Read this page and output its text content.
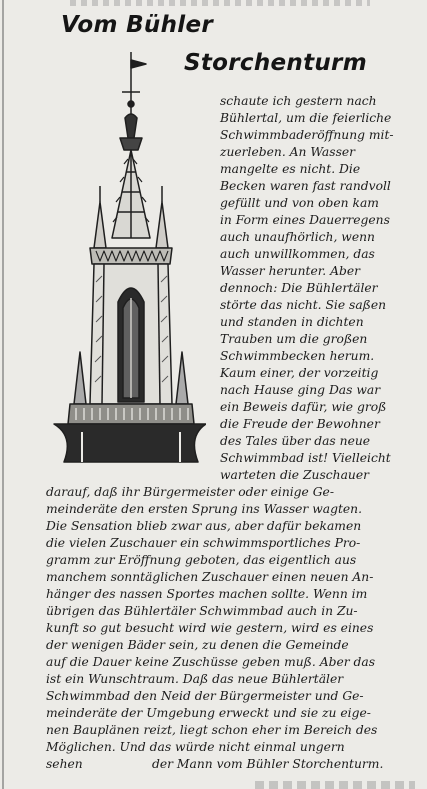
Vom Bühler
Storchenturm
schaute ich gestern nach
Bühlertal, um die feierliche
Schwimmbaderöffnung mit-
zuerleben. An Wasser
mangelte es nicht. Die
Becken waren fast randvoll
gefüllt und von oben kam
in Form eines Dauerregens
auch unaufhörlich, wenn
auch unwillkommen, das
Wasser herunter. Aber
dennoch: Die Bühlertäler
störte das nicht. Sie saßen
und standen in dichten
Trauben um die großen
Schwimmbecken herum.
Kaum einer, der vorzeitig
nach Hause ging Das war
ein Beweis dafür, wie groß
die Freude der Bewohner
des Tales über das neue
Schwimmbad ist! Vielleicht
warteten die Zuschauer
darauf, daß ihr Bürgermeister oder einige Ge-
meinderäte den ersten Sprung ins Wasser wagten.
Die Sensation blieb zwar aus, aber dafür bekamen
die vielen Zuschauer ein schwimmsportliches Pro-
gramm zur Eröffnung geboten, das eigentlich aus
manchem sonntäglichen Zuschauer einen neuen An-
hänger des nassen Sportes machen sollte. Wenn im
übrigen das Bühlertäler Schwimmbad auch in Zu-
kunft so gut besucht wird wie gestern, wird es eines
der wenigen Bäder sein, zu denen die Gemeinde
auf die Dauer keine Zuschüsse geben muß. Aber das
ist ein Wunschtraum. Daß das neue Bühlertäler
Schwimmbad den Neid der Bürgermeister und Ge-
meinderäte der Umgebung erweckt und sie zu eige-
nen Bauplänen reizt, liegt schon eher im Bereich des
Möglichen. Und das würde nicht einmal ungern
sehen	der Mann vom Bühler Storchenturm.
